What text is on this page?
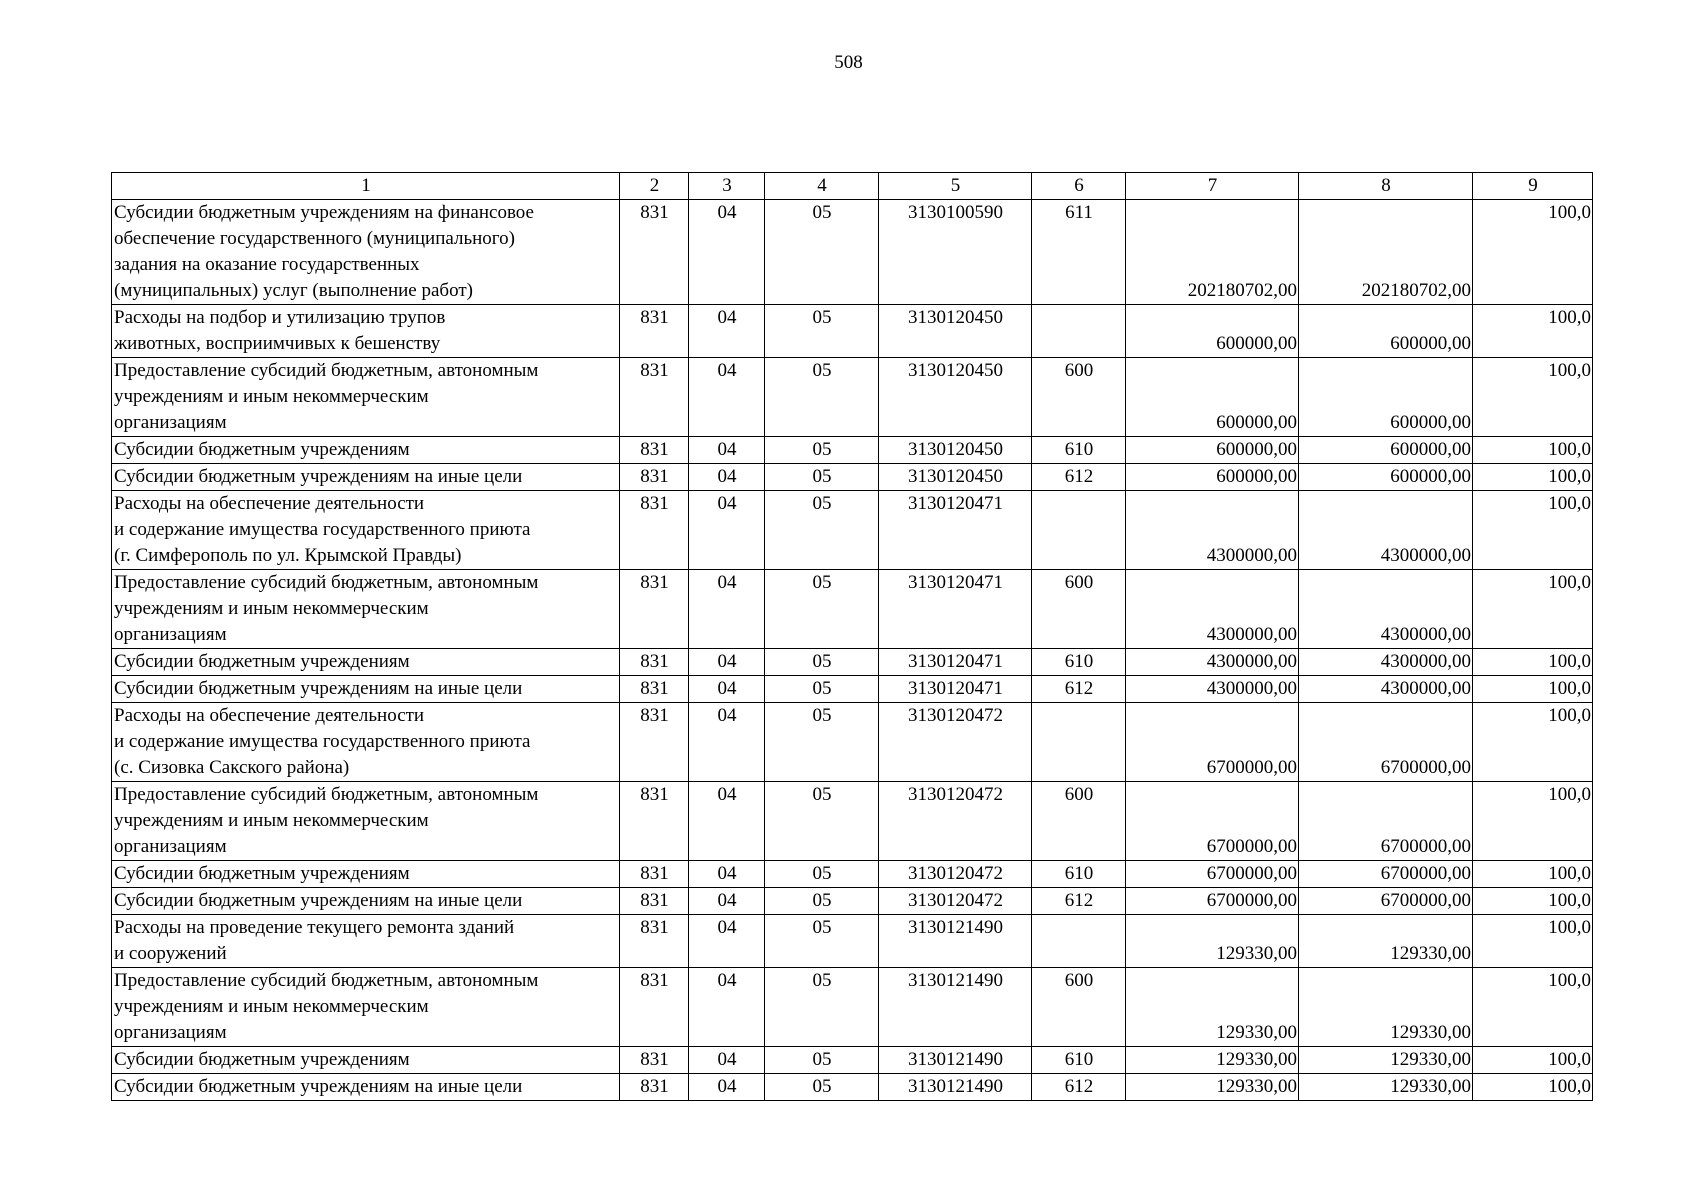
508
1	2	3	4	5	6	7	8	9
Субсидии бюджетным учреждениям на финансовое
обеспечение государственного (муниципального)
задания на оказание государственных
(муниципальных) услуг (выполнение работ)	831	04	05	3130100590	611	202180702,00	202180702,00	100,0
Расходы на подбор и утилизацию трупов
животных, восприимчивых к бешенству	831	04	05	3130120450		600000,00	600000,00	100,0
Предоставление субсидий бюджетным, автономным
учреждениям и иным некоммерческим
организациям	831	04	05	3130120450	600	600000,00	600000,00	100,0
Субсидии бюджетным учреждениям	831	04	05	3130120450	610	600000,00	600000,00	100,0
Субсидии бюджетным учреждениям на иные цели	831	04	05	3130120450	612	600000,00	600000,00	100,0
Расходы на обеспечение деятельности
и содержание имущества государственного приюта
(г. Симферополь по ул. Крымской Правды)	831	04	05	3130120471		4300000,00	4300000,00	100,0
Предоставление субсидий бюджетным, автономным
учреждениям и иным некоммерческим
организациям	831	04	05	3130120471	600	4300000,00	4300000,00	100,0
Субсидии бюджетным учреждениям	831	04	05	3130120471	610	4300000,00	4300000,00	100,0
Субсидии бюджетным учреждениям на иные цели	831	04	05	3130120471	612	4300000,00	4300000,00	100,0
Расходы на обеспечение деятельности
и содержание имущества государственного приюта
(с. Сизовка Сакского района)	831	04	05	3130120472		6700000,00	6700000,00	100,0
Предоставление субсидий бюджетным, автономным
учреждениям и иным некоммерческим
организациям	831	04	05	3130120472	600	6700000,00	6700000,00	100,0
Субсидии бюджетным учреждениям	831	04	05	3130120472	610	6700000,00	6700000,00	100,0
Субсидии бюджетным учреждениям на иные цели	831	04	05	3130120472	612	6700000,00	6700000,00	100,0
Расходы на проведение текущего ремонта зданий
и сооружений	831	04	05	3130121490		129330,00	129330,00	100,0
Предоставление субсидий бюджетным, автономным
учреждениям и иным некоммерческим
организациям	831	04	05	3130121490	600	129330,00	129330,00	100,0
Субсидии бюджетным учреждениям	831	04	05	3130121490	610	129330,00	129330,00	100,0
Субсидии бюджетным учреждениям на иные цели	831	04	05	3130121490	612	129330,00	129330,00	100,0
